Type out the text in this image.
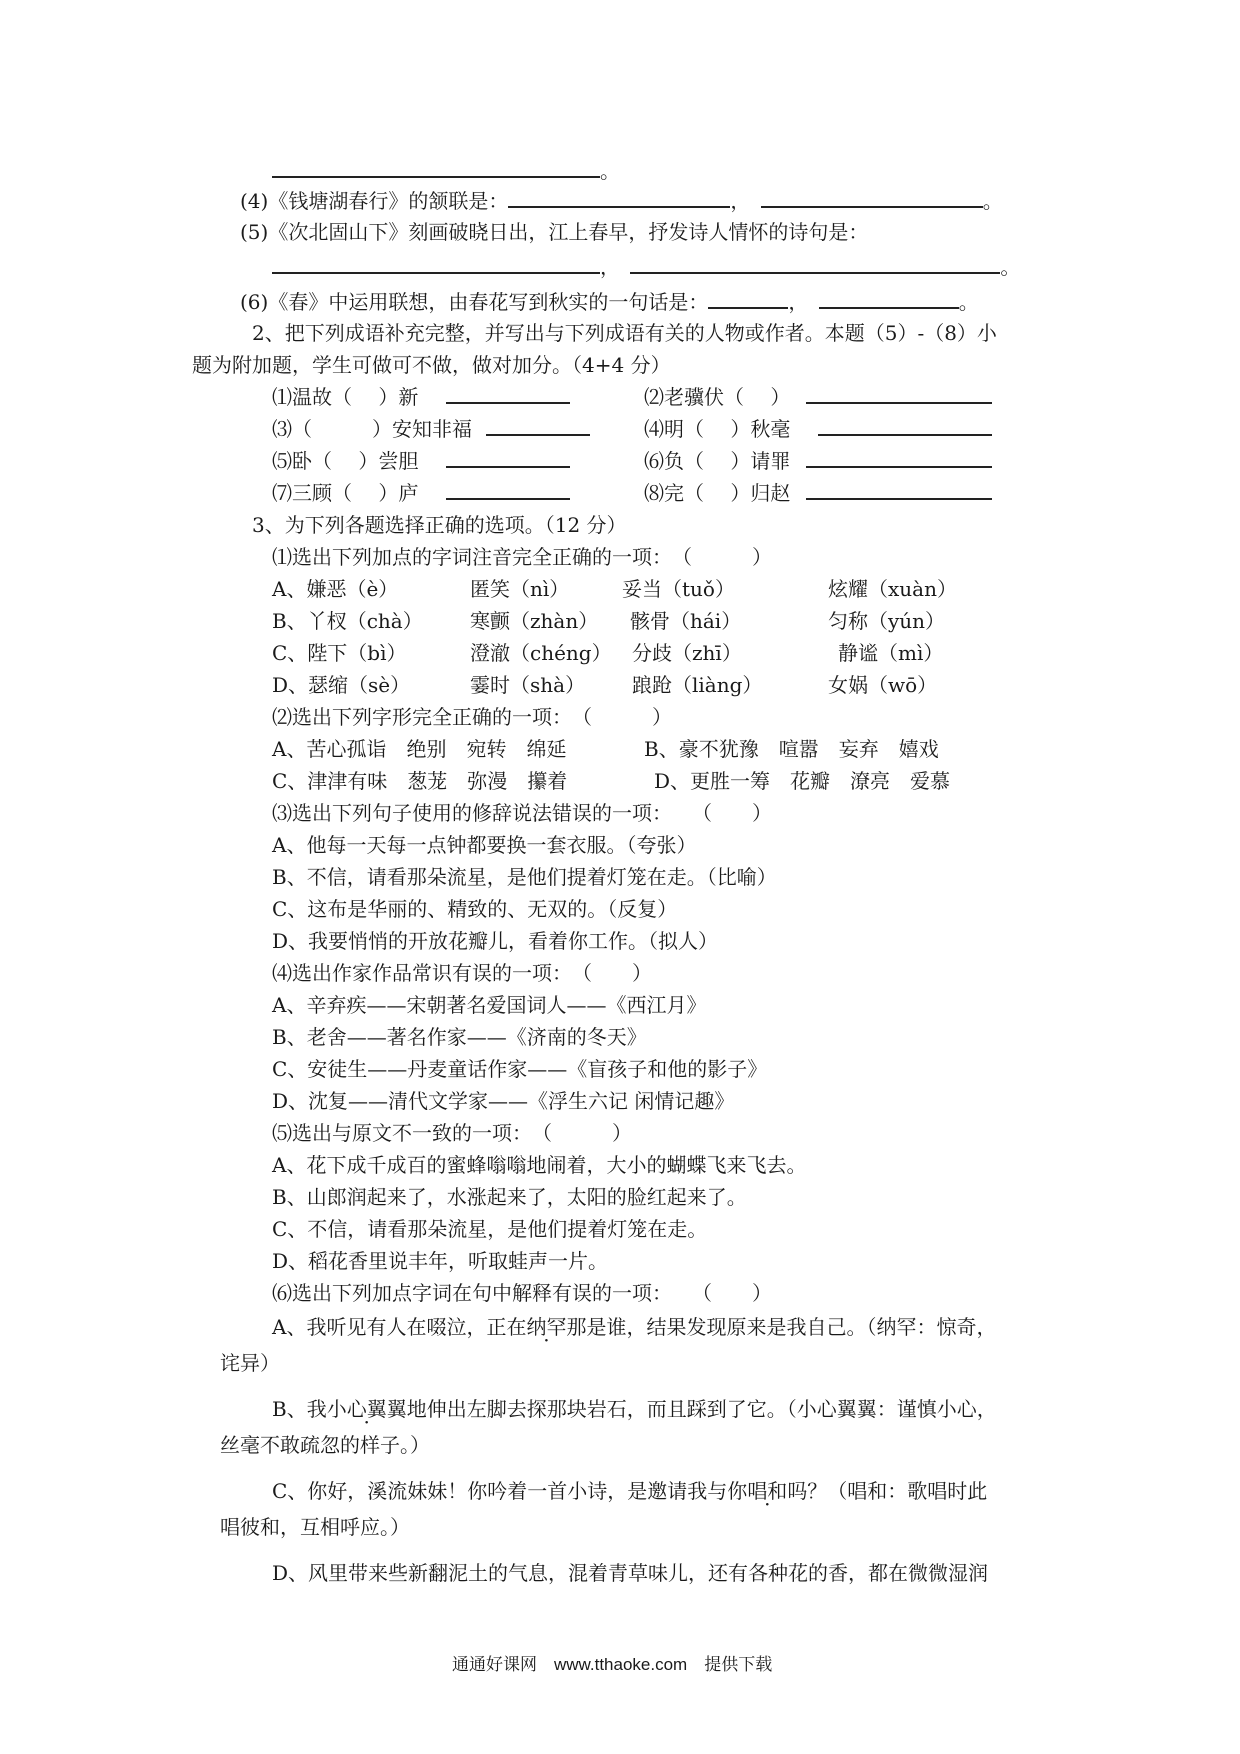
。
(4)《钱塘湖春行》的颔联是：	，	。
(5)《次北固山下》刻画破晓日出，江上春早，抒发诗人情怀的诗句是：
，	。
(6)《春》中运用联想，由春花写到秋实的一句话是：	，	。
2、把下列成语补充完整，并写出与下列成语有关的人物或作者。本题（5）-（8）小
题为附加题，学生可做可不做，做对加分。（4+4 分）
⑴温故（　 ）新	⑵老骥伏（　 ）
⑶（　　　）安知非福	⑷明（　 ）秋毫
⑸卧（　 ）尝胆	⑹负（　 ）请罪
⑺三顾（　 ）庐	⑻完（　 ）归赵
3、为下列各题选择正确的选项。（12 分）
⑴选出下列加点的字词注音完全正确的一项：　（　　　）
A、嫌恶（è）	匿笑（nì）	妥当（tuǒ）	炫耀（xuàn）
B、丫杈（chà） 寒颤（zhàn） 骸骨（hái）	匀称（yún）
C、陛下（bì）	澄澈（chéng） 分歧（zhī）	静谧（mì）
D、瑟缩（sè）	霎时（shà） 踉跄（liàng）	女娲（wō）
⑵选出下列字形完全正确的一项：　（　　　）
A、苦心孤诣　绝别　宛转　绵延	B、豪不犹豫　喧嚣　妄弃　嬉戏
C、津津有味　葱茏　弥漫　攥着	D、更胜一筹　花瓣　潦亮　爱慕
⑶选出下列句子使用的修辞说法错误的一项：　　（　　）
A、他每一天每一点钟都要换一套衣服。（夸张）
B、不信，请看那朵流星，是他们提着灯笼在走。（比喻）
C、这布是华丽的、精致的、无双的。（反复）
D、我要悄悄的开放花瓣儿，看着你工作。（拟人）
⑷选出作家作品常识有误的一项：　（　　）
A、辛弃疾——宋朝著名爱国词人——《西江月》
B、老舍——著名作家——《济南的冬天》
C、安徒生——丹麦童话作家——《盲孩子和他的影子》
D、沈复——清代文学家——《浮生六记 闲情记趣》
⑸选出与原文不一致的一项：　（　　　）
A、花下成千成百的蜜蜂嗡嗡地闹着，大小的蝴蝶飞来飞去。
B、山郎润起来了，水涨起来了，太阳的脸红起来了。
C、不信，请看那朵流星，是他们提着灯笼在走。
D、稻花香里说丰年，听取蛙声一片。
⑹选出下列加点字词在句中解释有误的一项：　　（　　）
A、我听见有人在啜泣，正在纳罕那是谁，结果发现原来是我自己。（纳罕：惊奇，
诧异）
B、我小心翼翼地伸出左脚去探那块岩石，而且踩到了它。（小心翼翼：谨慎小心，
丝毫不敢疏忽的样子。）
C、你好，溪流妹妹！你吟着一首小诗，是邀请我与你唱和吗？（唱和：歌唱时此
唱彼和，互相呼应。）
D、风里带来些新翻泥土的气息，混着青草味儿，还有各种花的香，都在微微湿润
通通好课网　www.tthaoke.com　提供下载
